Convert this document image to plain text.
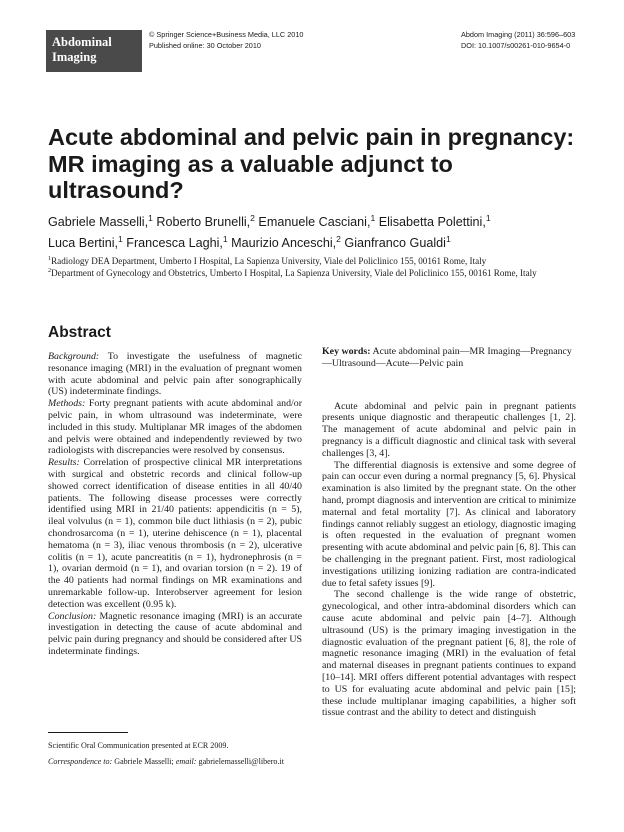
Abdominal
Imaging
© Springer Science+Business Media, LLC 2010
Published online: 30 October 2010
Abdom Imaging (2011) 36:596–603
DOI: 10.1007/s00261-010-9654-0
Acute abdominal and pelvic pain in pregnancy:
MR imaging as a valuable adjunct to
ultrasound?
Gabriele Masselli,$^1$ Roberto Brunelli,$^2$ Emanuele Casciani,$^1$ Elisabetta Polettini,$^1$
Luca Bertini,$^1$ Francesca Laghi,$^1$ Maurizio Anceschi,$^2$ Gianfranco Gualdi$^1$
$^1$Radiology DEA Department, Umberto I Hospital, La Sapienza University, Viale del Policlinico 155, 00161 Rome, Italy
$^2$Department of Gynecology and Obstetrics, Umberto I Hospital, La Sapienza University, Viale del Policlinico 155, 00161 Rome, Italy
Abstract

Background: To investigate the usefulness of magnetic resonance imaging (MRI) in the evaluation of pregnant women with acute abdominal and pelvic pain after sonographically (US) indeterminate findings.

Methods: Forty pregnant patients with acute abdominal and/or pelvic pain, in whom ultrasound was indeterminate, were included in this study. Multiplanar MR images of the abdomen and pelvis were obtained and independently reviewed by two radiologists with discrepancies were resolved by consensus.

Results: Correlation of prospective clinical MR interpretations with surgical and obstetric records and clinical follow-up showed correct identification of disease entities in all 40/40 patients. The following disease processes were correctly identified using MRI in 21/40 patients: appendicitis (n = 5), ileal volvulus (n = 1), common bile duct lithiasis (n = 2), pubic chondrosarcoma (n = 1), uterine dehiscence (n = 1), placental hematoma (n = 3), iliac venous thrombosis (n = 2), ulcerative colitis (n = 1), acute pancreatitis (n = 1), hydronephrosis (n = 1), ovarian dermoid (n = 1), and ovarian torsion (n = 2). 19 of the 40 patients had normal findings on MR examinations and unremarkable follow-up. Interobserver agreement for lesion detection was excellent (0.95 k).

Conclusion: Magnetic resonance imaging (MRI) is an accurate investigation in detecting the cause of acute abdominal and pelvic pain during pregnancy and should be considered after US indeterminate findings.

Key words: Acute abdominal pain—MR Imaging—Pregnancy—Ultrasound—Acute—Pelvic pain

Acute abdominal and pelvic pain in pregnant patients presents unique diagnostic and therapeutic challenges [1, 2]. The management of acute abdominal and pelvic pain in pregnancy is a difficult diagnostic and clinical task with several challenges [3, 4].

The differential diagnosis is extensive and some degree of pain can occur even during a normal pregnancy [5, 6]. Physical examination is also limited by the pregnant state. On the other hand, prompt diagnosis and intervention are critical to minimize maternal and fetal mortality [7]. As clinical and laboratory findings cannot reliably suggest an etiology, diagnostic imaging is often requested in the evaluation of pregnant women presenting with acute abdominal and pelvic pain [6, 8]. This can be challenging in the pregnant patient. First, most radiological investigations utilizing ionizing radiation are contra-indicated due to fetal safety issues [9].

The second challenge is the wide range of obstetric, gynecological, and other intra-abdominal disorders which can cause acute abdominal and pelvic pain [4–7]. Although ultrasound (US) is the primary imaging investigation in the diagnostic evaluation of the pregnant patient [6, 8], the role of magnetic resonance imaging (MRI) in the evaluation of fetal and maternal diseases in pregnant patients continues to expand [10–14]. MRI offers different potential advantages with respect to US for evaluating acute abdominal and pelvic pain [15]; these include multiplanar imaging capabilities, a higher soft tissue contrast and the ability to detect and distinguish

Scientific Oral Communication presented at ECR 2009.
Correspondence to: Gabriele Masselli; email: gabrielemasselli@libero.it
